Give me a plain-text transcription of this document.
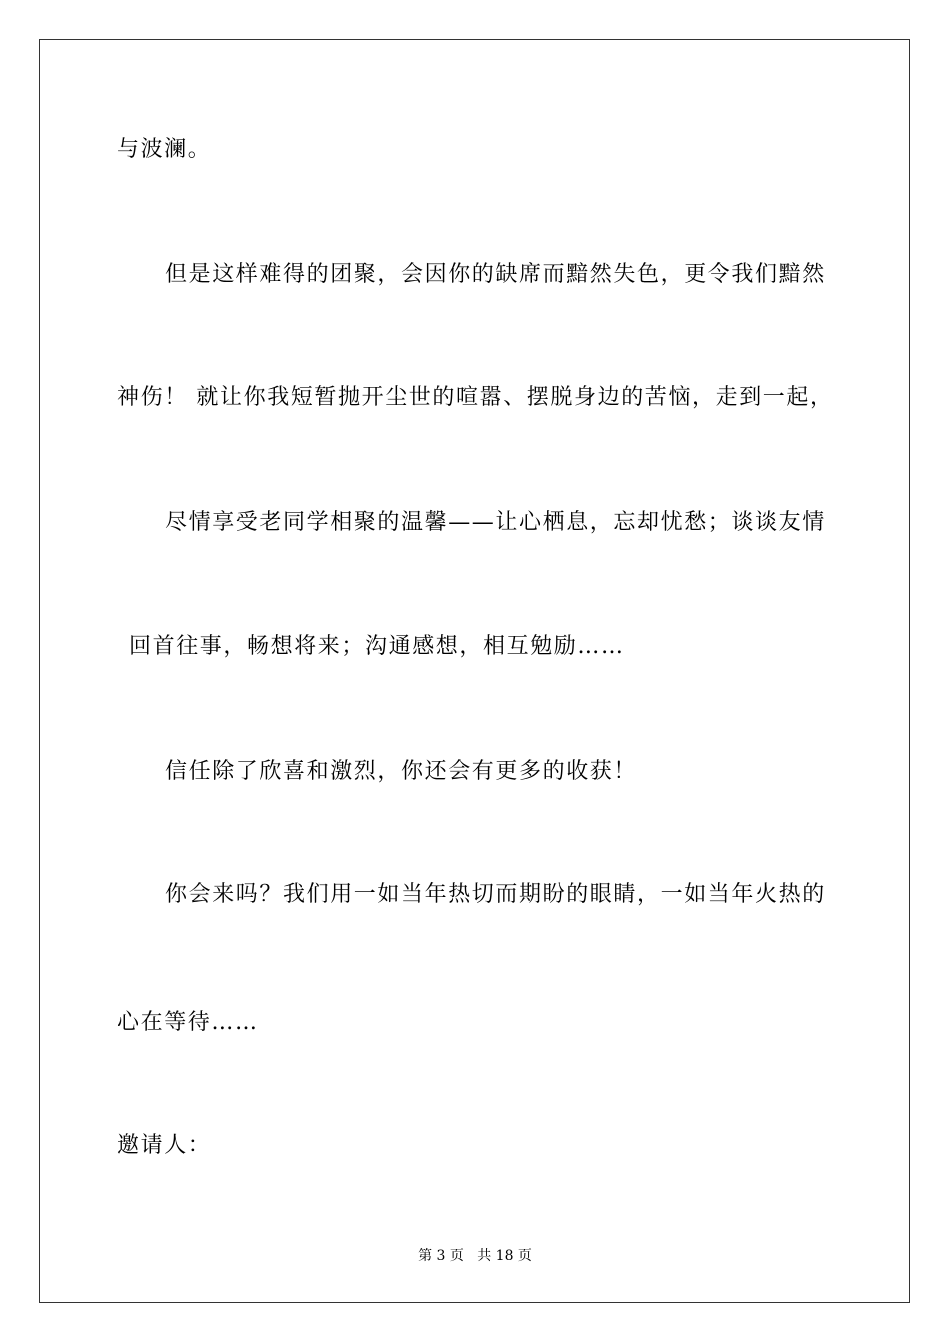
与波澜。
但是这样难得的团聚，会因你的缺席而黯然失色，更令我们黯然
神伤！ 就让你我短暂抛开尘世的喧嚣、摆脱身边的苦恼，走到一起，
尽情享受老同学相聚的温馨——让心栖息，忘却忧愁；谈谈友情
回首往事，畅想将来；沟通感想，相互勉励……
信任除了欣喜和激烈，你还会有更多的收获！
你会来吗？我们用一如当年热切而期盼的眼睛，一如当年火热的
心在等待……
邀请人：
第 3 页   共 18 页
